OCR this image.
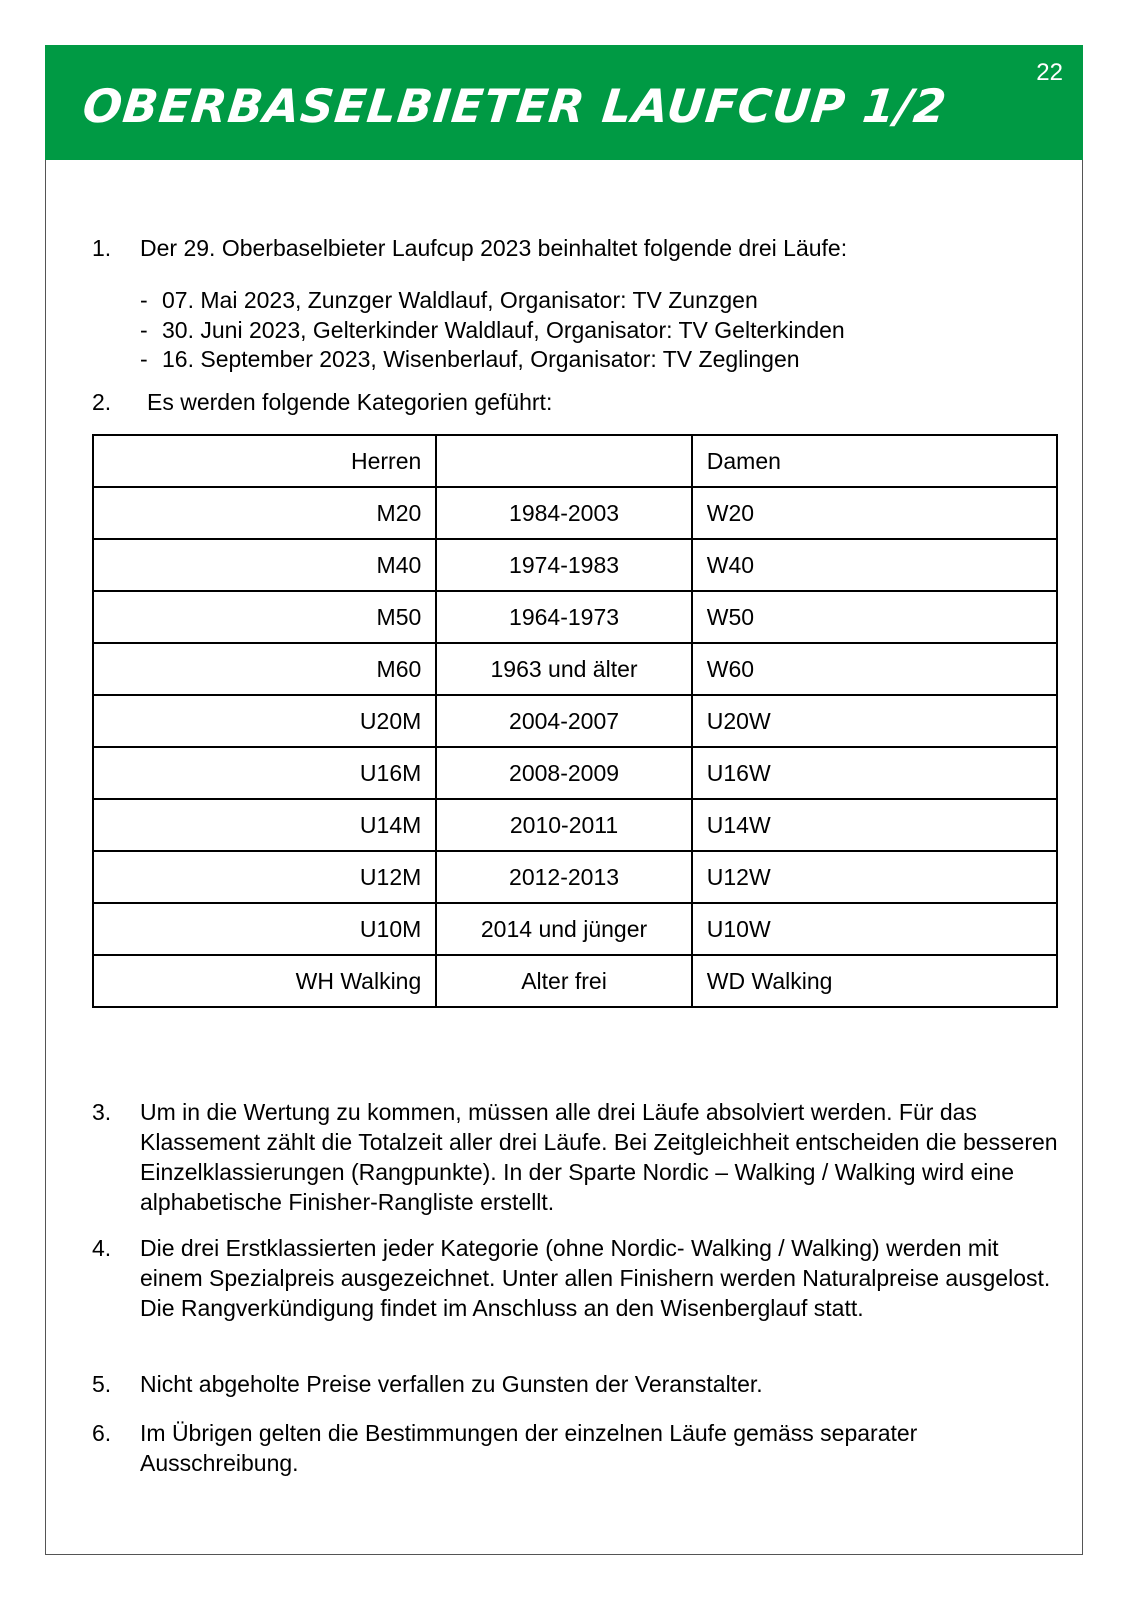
OBERBASELBIETER LAUFCUP 1/2
22
1. Der 29. Oberbaselbieter Laufcup 2023 beinhaltet folgende drei Läufe:
- 07. Mai 2023, Zunzger Waldlauf, Organisator: TV Zunzgen
- 30. Juni 2023, Gelterkinder Waldlauf, Organisator: TV Gelterkinden
- 16. September 2023, Wisenberlauf, Organisator: TV Zeglingen
2. Es werden folgende Kategorien geführt:
Herren		Damen
M20	1984-2003	W20
M40	1974-1983	W40
M50	1964-1973	W50
M60	1963 und älter	W60
U20M	2004-2007	U20W
U16M	2008-2009	U16W
U14M	2010-2011	U14W
U12M	2012-2013	U12W
U10M	2014 und jünger	U10W
WH Walking	Alter frei	WD Walking
3. Um in die Wertung zu kommen, müssen alle drei Läufe absolviert werden. Für das Klassement zählt die Totalzeit aller drei Läufe. Bei Zeitgleichheit entscheiden die besseren Einzelklassierungen (Rangpunkte). In der Sparte Nordic – Walking / Walking wird eine alphabetische Finisher-Rangliste erstellt.
4. Die drei Erstklassierten jeder Kategorie (ohne Nordic- Walking / Walking) werden mit einem Spezialpreis ausgezeichnet. Unter allen Finishern werden Naturalpreise ausgelost. Die Rangverkündigung findet im Anschluss an den Wisenberglauf statt.
5. Nicht abgeholte Preise verfallen zu Gunsten der Veranstalter.
6. Im Übrigen gelten die Bestimmungen der einzelnen Läufe gemäss separater Ausschreibung.
